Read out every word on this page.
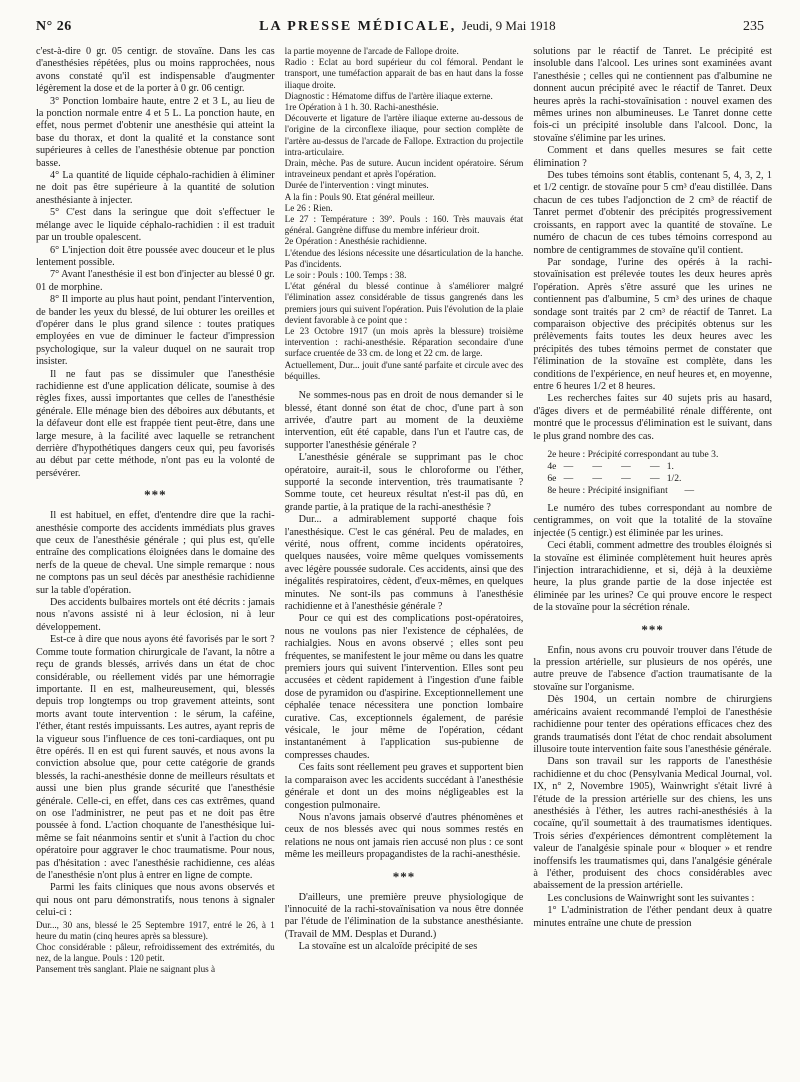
N° 26	LA PRESSE MÉDICALE, Jeudi, 9 Mai 1918	235

c'est-à-dire 0 gr. 05 centigr. de stovaïne. Dans les cas d'anesthésies répétées, plus ou moins rapprochées, nous avons constaté qu'il est indispensable d'augmenter légèrement la dose et de la porter à 0 gr. 06 centigr.

3° Ponction lombaire haute, entre 2 et 3 L, au lieu de la ponction normale entre 4 et 5 L. La ponction haute, en effet, nous permet d'obtenir une anesthésie qui atteint la base du thorax, et dont la qualité et la constance sont supérieures à celles de l'anesthésie obtenue par ponction basse.

4° La quantité de liquide céphalo-rachidien à éliminer ne doit pas être supérieure à la quantité de solution anesthésiante à injecter.

5° C'est dans la seringue que doit s'effectuer le mélange avec le liquide céphalo-rachidien : il est traduit par un trouble opalescent.

6° L'injection doit être poussée avec douceur et le plus lentement possible.

7° Avant l'anesthésie il est bon d'injecter au blessé 0 gr. 01 de morphine.

8° Il importe au plus haut point, pendant l'intervention, de bander les yeux du blessé, de lui obturer les oreilles et d'opérer dans le plus grand silence : toutes pratiques employées en vue de diminuer le facteur d'impression psychologique, sur la valeur duquel on ne saurait trop insister.

Il ne faut pas se dissimuler que l'anesthésie rachidienne est d'une application délicate, soumise à des règles fixes, aussi importantes que celles de l'anesthésie générale. Elle ménage bien des déboires aux débutants, et la défaveur dont elle est frappée tient peut-être, dans une large mesure, à la facilité avec laquelle se retranchent derrière d'hypothétiques dangers ceux qui, peu favorisés au début par cette méthode, n'ont pas eu la volonté de persévérer.

***

Il est habituel, en effet, d'entendre dire que la rachi-anesthésie comporte des accidents immédiats plus graves que ceux de l'anesthésie générale ; qui plus est, qu'elle entraîne des complications éloignées dans le domaine des nerfs de la queue de cheval. Une simple remarque : nous ne comptons pas un seul décès par anesthésie rachidienne sur la table d'opération.

Des accidents bulbaires mortels ont été décrits : jamais nous n'avons assisté ni à leur éclosion, ni à leur développement.

Est-ce à dire que nous ayons été favorisés par le sort ? Comme toute formation chirurgicale de l'avant, la nôtre a reçu de grands blessés, arrivés dans un état de choc considérable, ou réellement vidés par une hémorragie importante. Il en est, malheureusement, qui, blessés depuis trop longtemps ou trop gravement atteints, sont morts avant toute intervention : le sérum, la caféine, l'éther, étant restés impuissants. Les autres, ayant repris de la vigueur sous l'influence de ces toni-cardiaques, ont pu être opérés. Il en est qui furent sauvés, et nous avons la conviction absolue que, pour cette catégorie de grands blessés, la rachi-anesthésie donne de meilleurs résultats et aussi une bien plus grande sécurité que l'anesthésie générale. Celle-ci, en effet, dans ces cas extrêmes, quand on ose l'administrer, ne peut pas et ne doit pas être poussée à fond. L'action choquante de l'anesthésique lui-même se fait néanmoins sentir et s'unit à l'action du choc opératoire pour aggraver le choc traumatisme. Pour nous, pas d'hésitation : avec l'anesthésie rachidienne, ces aléas de l'anesthésie n'ont plus à entrer en ligne de compte.

Parmi les faits cliniques que nous avons observés et qui nous ont paru démonstratifs, nous tenons à signaler celui-ci :

Dur..., 30 ans, blessé le 25 Septembre 1917, entré le 26, à 1 heure du matin (cinq heures après sa blessure).

Choc considérable : pâleur, refroidissement des extrémités, du nez, de la langue. Pouls : 120 petit.

Pansement très sanglant. Plaie ne saignant plus à

la partie moyenne de l'arcade de Fallope droite.

Radio : Eclat au bord supérieur du col fémoral. Pendant le transport, une tuméfaction apparait de bas en haut dans la fosse iliaque droite.

Diagnostic : Hématome diffus de l'artère iliaque externe.

1re Opération à 1 h. 30. Rachi-anesthésie.

Découverte et ligature de l'artère iliaque externe au-dessous de l'origine de la circonflexe iliaque, pour section complète de l'artère au-dessus de l'arcade de Fallope. Extraction du projectile intra-articulaire.

Drain, mèche. Pas de suture. Aucun incident opératoire. Sérum intraveineux pendant et après l'opération.

Durée de l'intervention : vingt minutes.

A la fin : Pouls 90. Etat général meilleur.

Le 26 : Rien.

Le 27 : Température : 39°. Pouls : 160. Très mauvais état général. Gangrène diffuse du membre inférieur droit.

2e Opération : Anesthésie rachidienne.

L'étendue des lésions nécessite une désarticulation de la hanche. Pas d'incidents.

Le soir : Pouls : 100. Temps : 38.

L'état général du blessé continue à s'améliorer malgré l'élimination assez considérable de tissus gangrenés dans les premiers jours qui suivent l'opération. Puis l'évolution de la plaie devient favorable à ce point que :

Le 23 Octobre 1917 (un mois après la blessure) troisième intervention : rachi-anesthésie. Réparation secondaire d'une surface cruentée de 33 cm. de long et 22 cm. de large.

Actuellement, Dur... jouit d'une santé parfaite et circule avec des béquilles.

Ne sommes-nous pas en droit de nous demander si le blessé, étant donné son état de choc, d'une part à son arrivée, d'autre part au moment de la deuxième intervention, eût été capable, dans l'un et l'autre cas, de supporter l'anesthésie générale ?

L'anesthésie générale se supprimant pas le choc opératoire, aurait-il, sous le chloroforme ou l'éther, supporté la seconde intervention, très traumatisante ? Somme toute, cet heureux résultat n'est-il pas dû, en grande partie, à la pratique de la rachi-anesthésie ?

Dur... a admirablement supporté chaque fois l'anesthésique. C'est le cas général. Peu de malades, en vérité, nous offrent, comme incidents opératoires, quelques nausées, voire même quelques vomissements avec légère poussée sudorale. Ces accidents, ainsi que des inégalités respiratoires, cèdent, d'eux-mêmes, en quelques minutes. Ne sont-ils pas communs à l'anesthésie rachidienne et à l'anesthésie générale ?

Pour ce qui est des complications post-opératoires, nous ne voulons pas nier l'existence de céphalées, de rachialgies. Nous en avons observé ; elles sont peu fréquentes, se manifestent le jour même ou dans les quatre premiers jours qui suivent l'intervention. Elles sont peu accusées et cèdent rapidement à l'ingestion d'une faible dose de pyramidon ou d'aspirine. Exceptionnellement une céphalée tenace nécessitera une ponction lombaire curative. Cas, exceptionnels également, de parésie vésicale, le jour même de l'opération, cédant instantanément à l'application sus-pubienne de compresses chaudes.

Ces faits sont réellement peu graves et supportent bien la comparaison avec les accidents succédant à l'anesthésie générale et dont un des moins négligeables est la congestion pulmonaire.

Nous n'avons jamais observé d'autres phénomènes et ceux de nos blessés avec qui nous sommes restés en relations ne nous ont jamais rien accusé non plus : ce sont même les meilleurs propagandistes de la rachi-anesthésie.

***

D'ailleurs, une première preuve physiologique de l'innocuité de la rachi-stovaïnisation va nous être donnée par l'étude de l'élimination de la substance anesthésiante. (Travail de MM. Desplas et Durand.)

La stovaïne est un alcaloïde précipité de ses

solutions par le réactif de Tanret. Le précipité est insoluble dans l'alcool. Les urines sont examinées avant l'anesthésie ; celles qui ne contiennent pas d'albumine ne donnent aucun précipité avec le réactif de Tanret. Deux heures après la rachi-stovaïnisation : nouvel examen des mêmes urines non albumineuses. Le Tanret donne cette fois-ci un précipité insoluble dans l'alcool. Donc, la stovaïne s'élimine par les urines.

Comment et dans quelles mesures se fait cette élimination ?

Des tubes témoins sont établis, contenant 5, 4, 3, 2, 1 et 1/2 centigr. de stovaïne pour 5 cm³ d'eau distillée. Dans chacun de ces tubes l'adjonction de 2 cm³ de réactif de Tanret permet d'obtenir des précipités progressivement croissants, en rapport avec la quantité de stovaïne. Le numéro de chacun de ces tubes témoins correspond au nombre de centigrammes de stovaïne qu'il contient.

Par sondage, l'urine des opérés à la rachi-stovaïnisation est prélevée toutes les deux heures après l'opération. Après s'être assuré que les urines ne contiennent pas d'albumine, 5 cm³ des urines de chaque sondage sont traités par 2 cm³ de réactif de Tanret. La comparaison objective des précipités obtenus sur les prélèvements faits toutes les deux heures avec les précipités des tubes témoins permet de constater que l'élimination de la stovaïne est complète, dans les conditions de l'expérience, en neuf heures et, en moyenne, entre 6 heures 1/2 et 8 heures.

Les recherches faites sur 40 sujets pris au hasard, d'âges divers et de perméabilité rénale différente, ont montré que le processus d'élimination est le suivant, dans le plus grand nombre des cas.

2e heure : Précipité correspondant au tube 3.
4e   —        —        —        —   1.
6e   —        —        —        —   1/2.
8e heure : Précipité insignifiant       —

Le numéro des tubes correspondant au nombre de centigrammes, on voit que la totalité de la stovaïne injectée (5 centigr.) est éliminée par les urines.

Ceci établi, comment admettre des troubles éloignés si la stovaïne est éliminée complètement huit heures après l'injection intrarachidienne, et si, déjà à la deuxième heure, la plus grande partie de la dose injectée est éliminée par les urines? Ce qui prouve encore le respect de la stovaïne pour la sécrétion rénale.

***

Enfin, nous avons cru pouvoir trouver dans l'étude de la pression artérielle, sur plusieurs de nos opérés, une autre preuve de l'absence d'action traumatisante de la stovaïne sur l'organisme.

Dès 1904, un certain nombre de chirurgiens américains avaient recommandé l'emploi de l'anesthésie rachidienne pour tenter des opérations efficaces chez des grands traumatisés dont l'état de choc rendait absolument illusoire toute intervention faite sous l'anesthésie générale.

Dans son travail sur les rapports de l'anesthésie rachidienne et du choc (Pensylvania Medical Journal, vol. IX, n° 2, Novembre 1905), Wainwright s'était livré à l'étude de la pression artérielle sur des chiens, les uns anesthésiés à l'éther, les autres rachi-anesthésiés à la cocaïne, qu'il soumettait à des traumatismes identiques. Trois séries d'expériences démontrent complètement la valeur de l'analgésie spinale pour « bloquer » et rendre inoffensifs les traumatismes qui, dans l'analgésie générale à l'éther, produisent des chocs considérables avec abaissement de la pression artérielle.

Les conclusions de Wainwright sont les suivantes :

1° L'administration de l'éther pendant deux à quatre minutes entraîne une chute de pression
